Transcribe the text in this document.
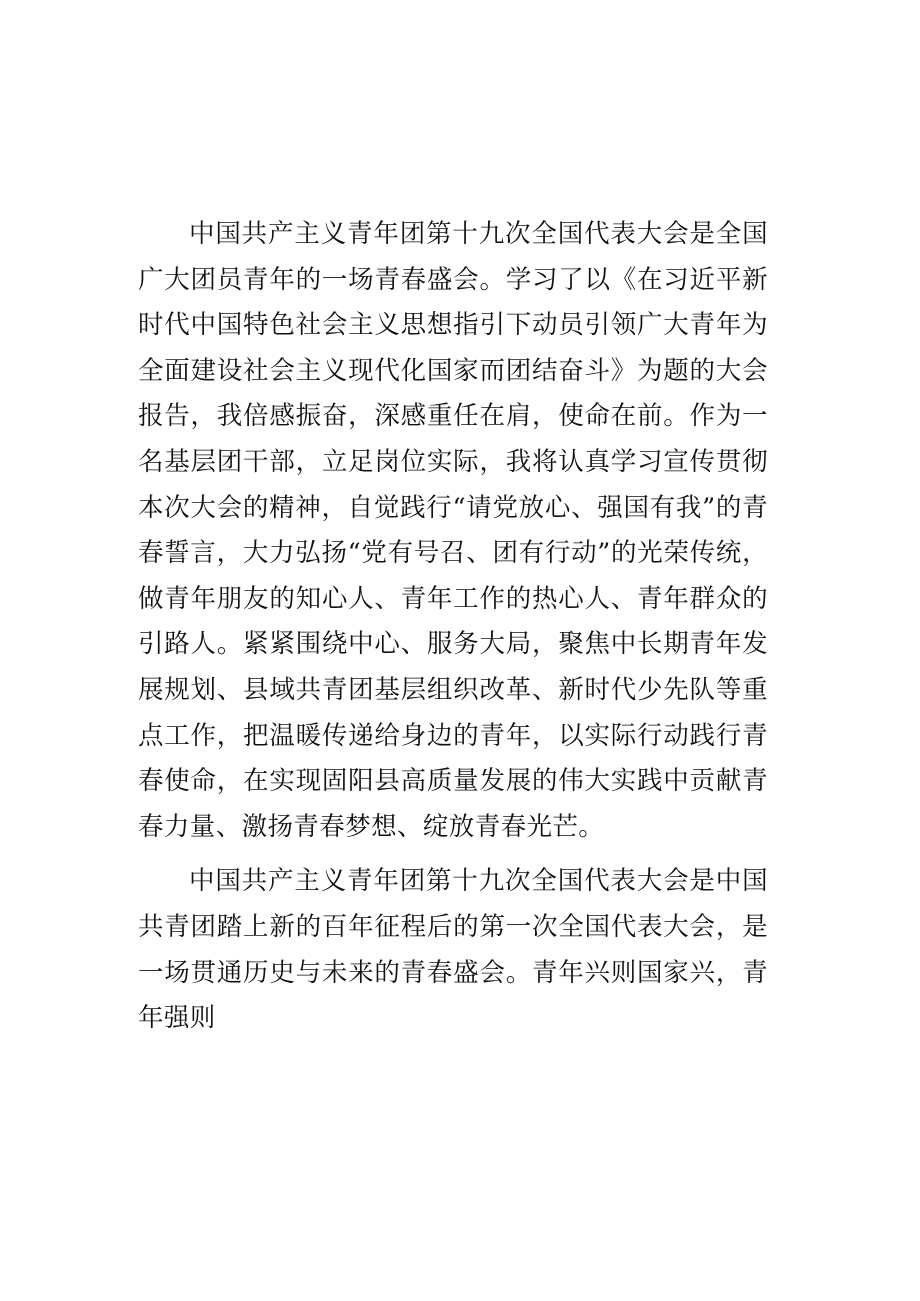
中国共产主义青年团第十九次全国代表大会是全国广大团员青年的一场青春盛会。学习了以《在习近平新时代中国特色社会主义思想指引下动员引领广大青年为全面建设社会主义现代化国家而团结奋斗》为题的大会报告，我倍感振奋，深感重任在肩，使命在前。作为一名基层团干部，立足岗位实际，我将认真学习宣传贯彻本次大会的精神，自觉践行“请党放心、强国有我”的青春誓言，大力弘扬“党有号召、团有行动”的光荣传统，做青年朋友的知心人、青年工作的热心人、青年群众的引路人。紧紧围绕中心、服务大局，聚焦中长期青年发展规划、县域共青团基层组织改革、新时代少先队等重点工作，把温暖传递给身边的青年，以实际行动践行青春使命，在实现固阳县高质量发展的伟大实践中贡献青春力量、激扬青春梦想、绽放青春光芒。

中国共产主义青年团第十九次全国代表大会是中国共青团踏上新的百年征程后的第一次全国代表大会，是一场贯通历史与未来的青春盛会。青年兴则国家兴，青年强则
